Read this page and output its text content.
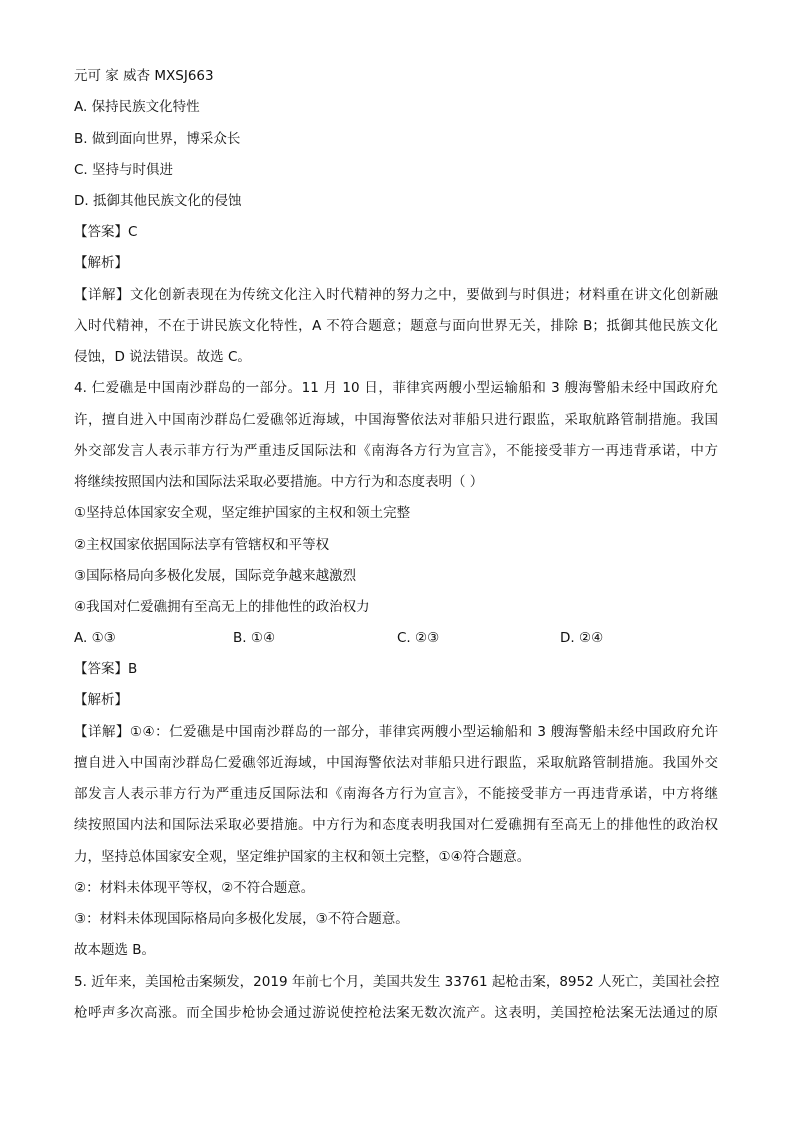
元可 家 威杏 MXSJ663
A. 保持民族文化特性
B. 做到面向世界，博采众长
C. 坚持与时俱进
D. 抵御其他民族文化的侵蚀
【答案】C
【解析】
【详解】文化创新表现在为传统文化注入时代精神的努力之中，要做到与时俱进；材料重在讲文化创新融
入时代精神，不在于讲民族文化特性，A 不符合题意；题意与面向世界无关，排除 B；抵御其他民族文化
侵蚀，D 说法错误。故选 C。
4. 仁爱礁是中国南沙群岛的一部分。11 月 10 日，菲律宾两艘小型运输船和 3 艘海警船未经中国政府允
许，擅自进入中国南沙群岛仁爱礁邻近海域，中国海警依法对菲船只进行跟监，采取航路管制措施。我国
外交部发言人表示菲方行为严重违反国际法和《南海各方行为宣言》，不能接受菲方一再违背承诺，中方
将继续按照国内法和国际法采取必要措施。中方行为和态度表明（ ）
①坚持总体国家安全观，坚定维护国家的主权和领土完整
②主权国家依据国际法享有管辖权和平等权
③国际格局向多极化发展，国际竞争越来越激烈
④我国对仁爱礁拥有至高无上的排他性的政治权力
A. ①③	B. ①④	C. ②③	D. ②④
【答案】B
【解析】
【详解】①④：仁爱礁是中国南沙群岛的一部分，菲律宾两艘小型运输船和 3 艘海警船未经中国政府允许
擅自进入中国南沙群岛仁爱礁邻近海域，中国海警依法对菲船只进行跟监，采取航路管制措施。我国外交
部发言人表示菲方行为严重违反国际法和《南海各方行为宣言》，不能接受菲方一再违背承诺，中方将继
续按照国内法和国际法采取必要措施。中方行为和态度表明我国对仁爱礁拥有至高无上的排他性的政治权
力，坚持总体国家安全观，坚定维护国家的主权和领土完整，①④符合题意。
②：材料未体现平等权，②不符合题意。
③：材料未体现国际格局向多极化发展，③不符合题意。
故本题选 B。
5. 近年来，美国枪击案频发，2019 年前七个月，美国共发生 33761 起枪击案，8952 人死亡，美国社会控
枪呼声多次高涨。而全国步枪协会通过游说使控枪法案无数次流产。这表明，美国控枪法案无法通过的原
